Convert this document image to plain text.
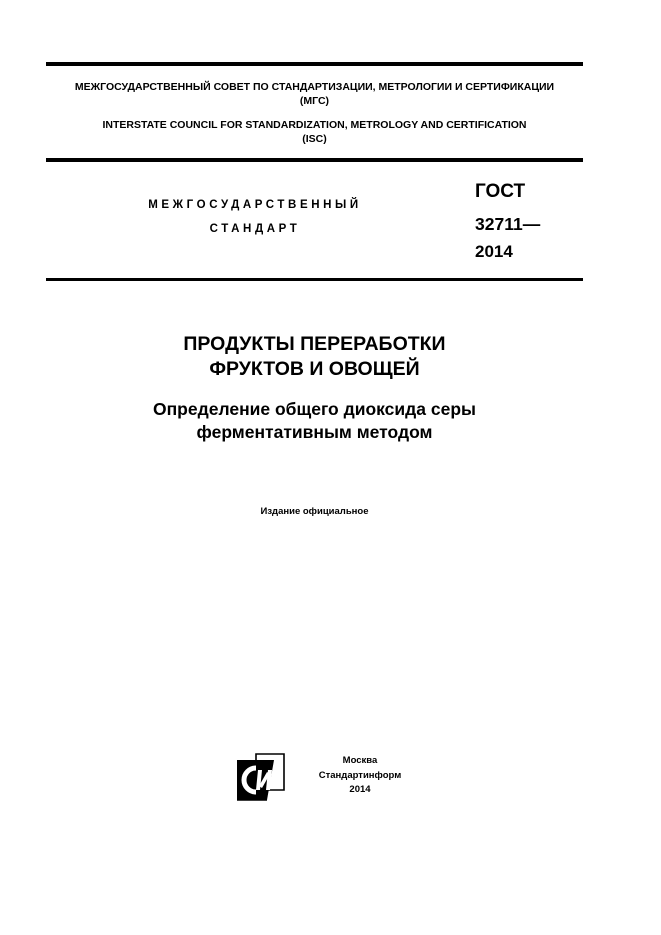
МЕЖГОСУДАРСТВЕННЫЙ СОВЕТ ПО СТАНДАРТИЗАЦИИ, МЕТРОЛОГИИ И СЕРТИФИКАЦИИ
(МГС)
INTERSTATE COUNCIL FOR STANDARDIZATION, METROLOGY AND CERTIFICATION
(ISC)
МЕЖГОСУДАРСТВЕННЫЙ
СТАНДАРТ
ГОСТ
32711—
2014
ПРОДУКТЫ ПЕРЕРАБОТКИ
ФРУКТОВ И ОВОЩЕЙ
Определение общего диоксида серы
ферментативным методом
Издание официальное
Москва
Стандартинформ
2014
